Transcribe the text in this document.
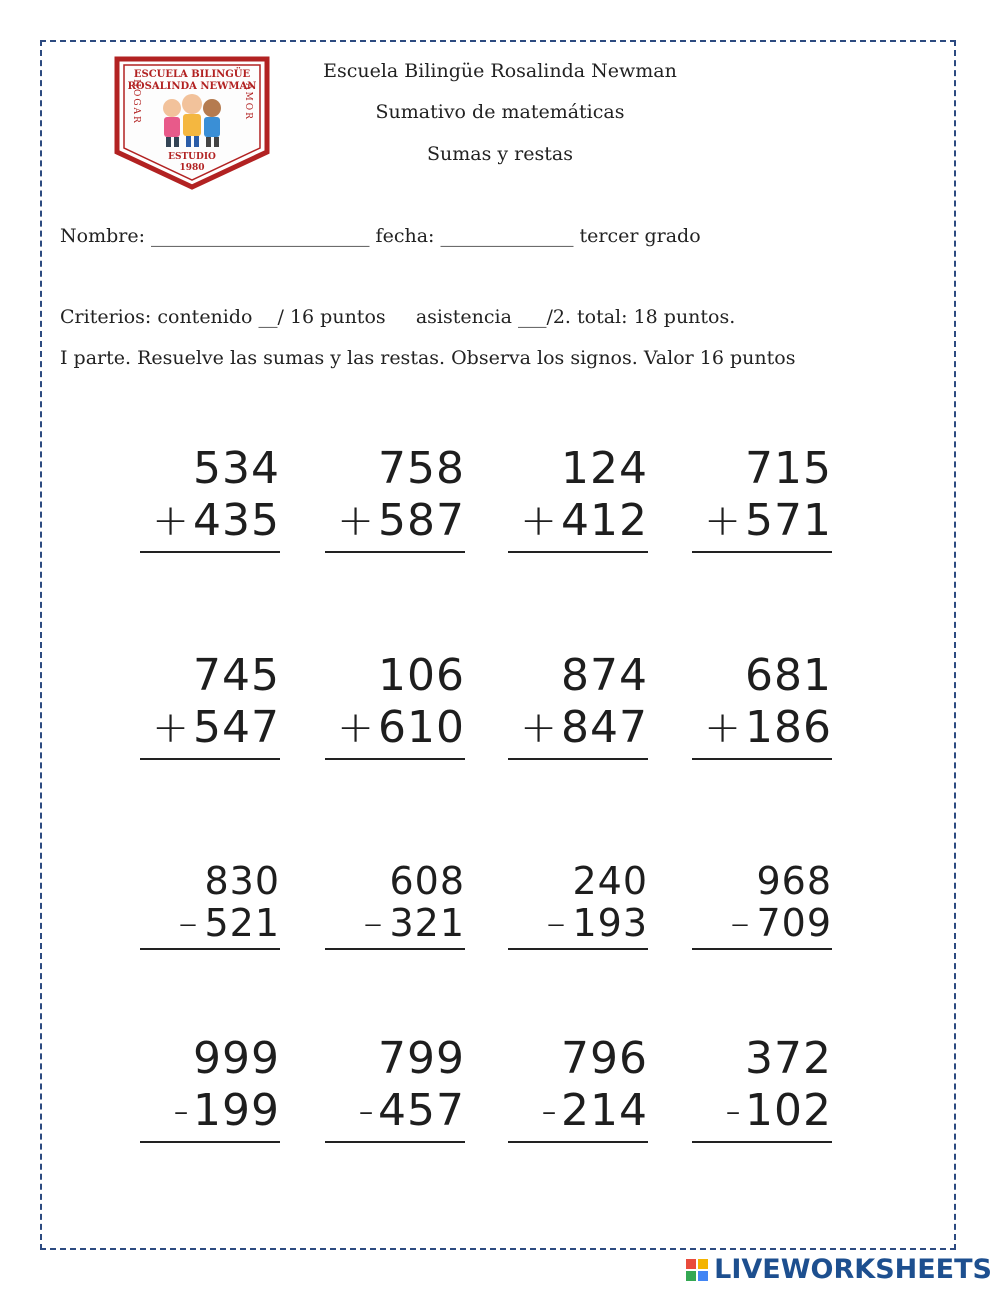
ESCUELA BILINGÜE
ROSALINDA NEWMAN
HOGAR	AMOR
ESTUDIO
1980
Escuela Bilingüe Rosalinda Newman
Sumativo de matemáticas
Sumas y restas
Nombre: _______________________ fecha: ______________ tercer grado
Criterios: contenido __/ 16 puntos     asistencia ___/2. total: 18 puntos.
I parte. Resuelve las sumas y las restas. Observa los signos. Valor 16 puntos
534
+ 435
758
+ 587
124
+ 412
715
+ 571
745
+ 547
106
+ 610
874
+ 847
681
+ 186
830
– 521
608
– 321
240
– 193
968
– 709
999
- 199
799
- 457
796
- 214
372
- 102
LIVEWORKSHEETS
